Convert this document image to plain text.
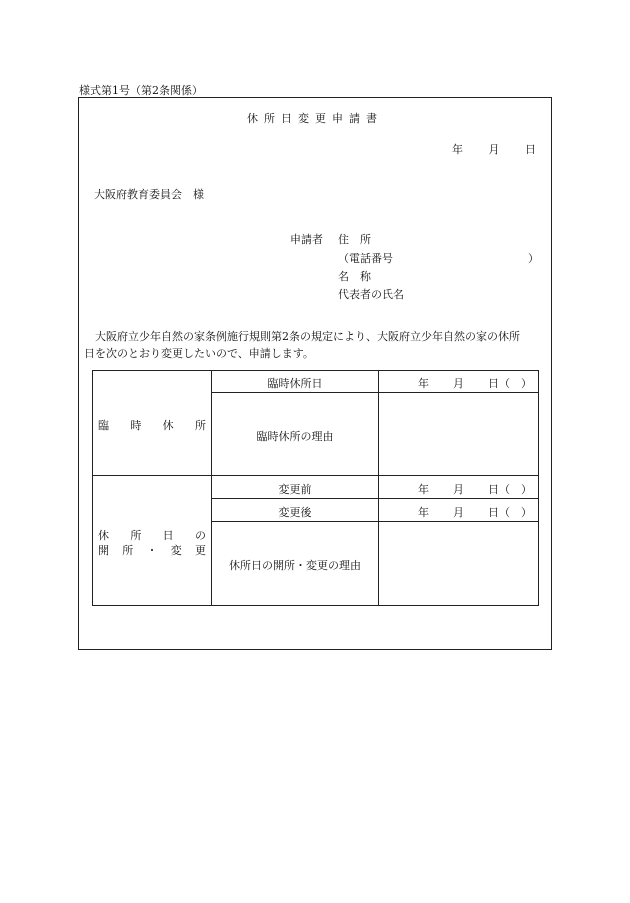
様式第1号（第2条関係）
休所日変更申請書
年 月 日
大阪府教育委員会　様
申請者 住　所
（電話番号	）
名　称
代表者の氏名

大阪府立少年自然の家条例施行規則第2条の規定により、大阪府立少年自然の家の休所

日を次のとおり変更したいので、申請します。

臨 時 休 所
臨時休所日	年 月 日（　）
臨時休所の理由
休 所 日 の
開 所 ・ 変 更
変更前	年 月 日（　）
変更後	年 月 日（　）
休所日の開所・変更の理由
